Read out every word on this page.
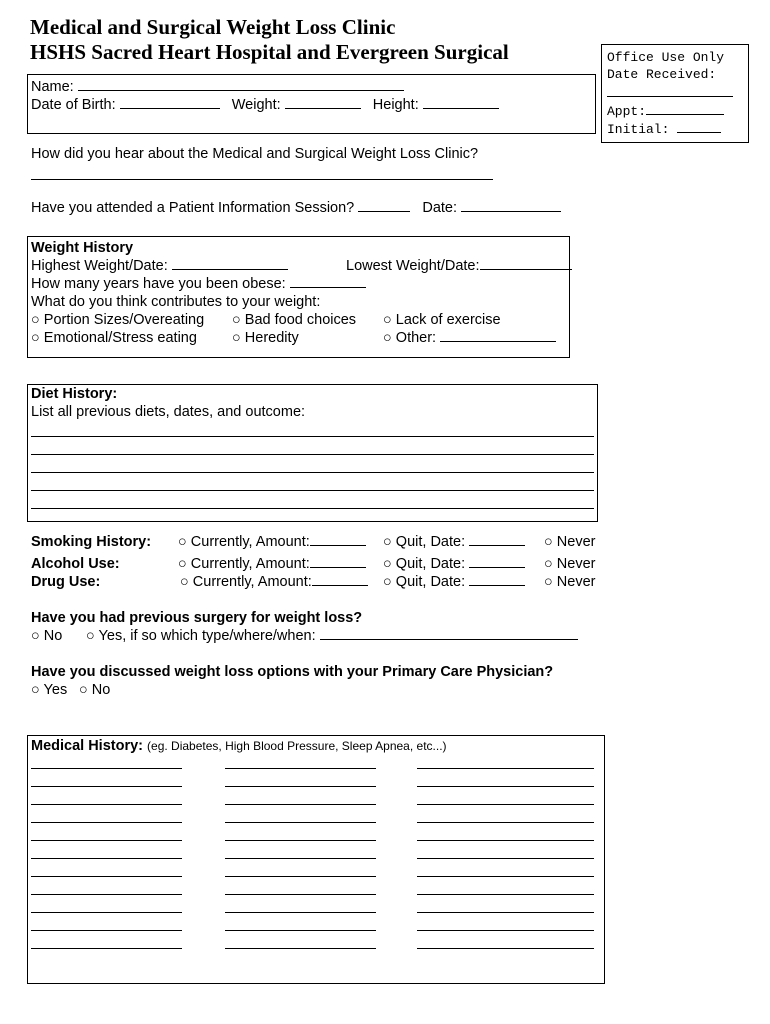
Medical and Surgical Weight Loss Clinic
HSHS Sacred Heart Hospital and Evergreen Surgical	Office Use Only
Date Received:
Appt:
Initial:
Name:
Date of Birth:	Weight:	Height:
How did you hear about the Medical and Surgical Weight Loss Clinic?
Have you attended a Patient Information Session?	Date:
Weight History
Highest Weight/Date:	Lowest Weight/Date:
How many years have you been obese:
What do you think contributes to your weight:
○ Portion Sizes/Overeating ○ Bad food choices ○ Lack of exercise
○ Emotional/Stress eating ○ Heredity	○ Other:
Diet History:
List all previous diets, dates, and outcome:
Smoking History: ○ Currently, Amount:	○ Quit, Date:	○ Never
Alcohol Use:	○ Currently, Amount:	○ Quit, Date:	○ Never
Drug Use:	○ Currently, Amount:	○ Quit, Date:	○ Never
Have you had previous surgery for weight loss?
○ No ○ Yes, if so which type/where/when:
Have you discussed weight loss options with your Primary Care Physician?
○ Yes ○ No
Medical History: (eg. Diabetes, High Blood Pressure, Sleep Apnea, etc...)
